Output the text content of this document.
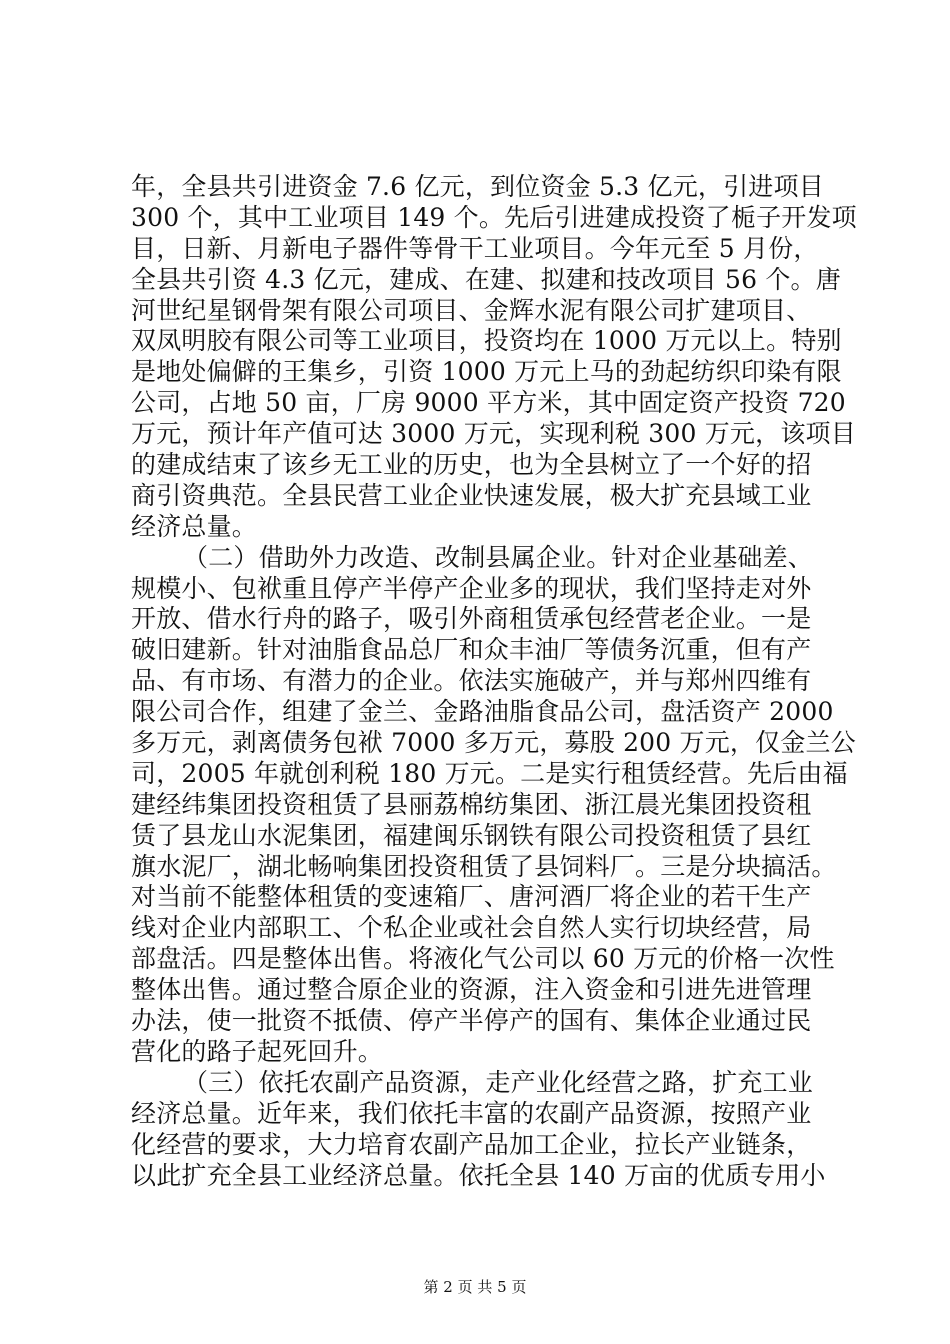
年，全县共引进资金 7.6 亿元，到位资金 5.3 亿元，引进项目
300 个，其中工业项目 149 个。先后引进建成投资了栀子开发项
目，日新、月新电子器件等骨干工业项目。今年元至 5 月份，
全县共引资 4.3 亿元，建成、在建、拟建和技改项目 56 个。唐
河世纪星钢骨架有限公司项目、金辉水泥有限公司扩建项目、
双凤明胶有限公司等工业项目，投资均在 1000 万元以上。特别
是地处偏僻的王集乡，引资 1000 万元上马的劲起纺织印染有限
公司，占地 50 亩，厂房 9000 平方米，其中固定资产投资 720
万元，预计年产值可达 3000 万元，实现利税 300 万元，该项目
的建成结束了该乡无工业的历史，也为全县树立了一个好的招
商引资典范。全县民营工业企业快速发展，极大扩充县域工业
经济总量。
（二）借助外力改造、改制县属企业。针对企业基础差、
规模小、包袱重且停产半停产企业多的现状，我们坚持走对外
开放、借水行舟的路子，吸引外商租赁承包经营老企业。一是
破旧建新。针对油脂食品总厂和众丰油厂等债务沉重，但有产
品、有市场、有潜力的企业。依法实施破产，并与郑州四维有
限公司合作，组建了金兰、金路油脂食品公司，盘活资产 2000
多万元，剥离债务包袱 7000 多万元，募股 200 万元，仅金兰公
司，2005 年就创利税 180 万元。二是实行租赁经营。先后由福
建经纬集团投资租赁了县丽荔棉纺集团、浙江晨光集团投资租
赁了县龙山水泥集团，福建闽乐钢铁有限公司投资租赁了县红
旗水泥厂，湖北畅响集团投资租赁了县饲料厂。三是分块搞活。
对当前不能整体租赁的变速箱厂、唐河酒厂将企业的若干生产
线对企业内部职工、个私企业或社会自然人实行切块经营，局
部盘活。四是整体出售。将液化气公司以 60 万元的价格一次性
整体出售。通过整合原企业的资源，注入资金和引进先进管理
办法，使一批资不抵债、停产半停产的国有、集体企业通过民
营化的路子起死回升。
（三）依托农副产品资源，走产业化经营之路，扩充工业
经济总量。近年来，我们依托丰富的农副产品资源，按照产业
化经营的要求，大力培育农副产品加工企业，拉长产业链条，
以此扩充全县工业经济总量。依托全县 140 万亩的优质专用小
第 2 页 共 5 页
